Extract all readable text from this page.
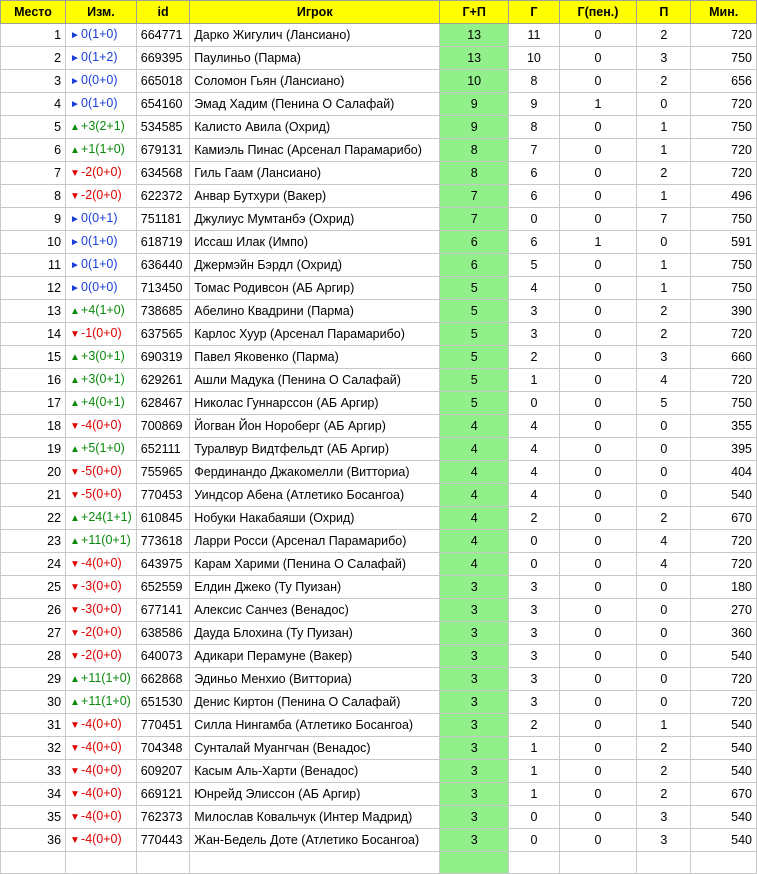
Место	Изм.	id	Игрок	Г+П	Г	Г(пен.)	П	Мин.
1	►0(1+0)	664771	Дарко Жигулич (Лансиано)	13	11	0	2	720
2	►0(1+2)	669395	Паулиньо (Парма)	13	10	0	3	750
3	►0(0+0)	665018	Соломон Гьян (Лансиано)	10	8	0	2	656
4	►0(1+0)	654160	Эмад Хадим (Пенина О Салафай)	9	9	1	0	720
5	▲+3(2+1)	534585	Калисто Авила (Охрид)	9	8	0	1	750
6	▲+1(1+0)	679131	Камиэль Пинас (Арсенал Парамарибо)	8	7	0	1	720
7	▼-2(0+0)	634568	Гиль Гаам (Лансиано)	8	6	0	2	720
8	▼-2(0+0)	622372	Анвар Бутхури (Вакер)	7	6	0	1	496
9	►0(0+1)	751181	Джулиус Мумтанбэ (Охрид)	7	0	0	7	750
10	►0(1+0)	618719	Иссаш Илак (Импо)	6	6	1	0	591
11	►0(1+0)	636440	Джермэйн Бэрдл (Охрид)	6	5	0	1	750
12	►0(0+0)	713450	Томас Родивсон (АБ Аргир)	5	4	0	1	750
13	▲+4(1+0)	738685	Абелино Квадрини (Парма)	5	3	0	2	390
14	▼-1(0+0)	637565	Карлос Хуур (Арсенал Парамарибо)	5	3	0	2	720
15	▲+3(0+1)	690319	Павел Яковенко (Парма)	5	2	0	3	660
16	▲+3(0+1)	629261	Ашли Мадука (Пенина О Салафай)	5	1	0	4	720
17	▲+4(0+1)	628467	Николас Гуннарссон (АБ Аргир)	5	0	0	5	750
18	▼-4(0+0)	700869	Йогван Йон Нороберг (АБ Аргир)	4	4	0	0	355
19	▲+5(1+0)	652111	Туралвур Видтфельдт (АБ Аргир)	4	4	0	0	395
20	▼-5(0+0)	755965	Фердинандо Джакомелли (Витториа)	4	4	0	0	404
21	▼-5(0+0)	770453	Уиндсор Абена (Атлетико Босангоа)	4	4	0	0	540
22	▲+24(1+1)	610845	Нобуки Накабаяши (Охрид)	4	2	0	2	670
23	▲+11(0+1)	773618	Ларри Росси (Арсенал Парамарибо)	4	0	0	4	720
24	▼-4(0+0)	643975	Карам Харими (Пенина О Салафай)	4	0	0	4	720
25	▼-3(0+0)	652559	Елдин Джеко (Ту Пуизан)	3	3	0	0	180
26	▼-3(0+0)	677141	Алексис Санчез (Венадос)	3	3	0	0	270
27	▼-2(0+0)	638586	Дауда Блохина (Ту Пуизан)	3	3	0	0	360
28	▼-2(0+0)	640073	Адикари Перамуне (Вакер)	3	3	0	0	540
29	▲+11(1+0)	662868	Эдиньо Менхио (Витториа)	3	3	0	0	720
30	▲+11(1+0)	651530	Денис Киртон (Пенина О Салафай)	3	3	0	0	720
31	▼-4(0+0)	770451	Силла Нингамба (Атлетико Босангоа)	3	2	0	1	540
32	▼-4(0+0)	704348	Сунталай Муангчан (Венадос)	3	1	0	2	540
33	▼-4(0+0)	609207	Касым Аль-Харти (Венадос)	3	1	0	2	540
34	▼-4(0+0)	669121	Юнрейд Элиссон (АБ Аргир)	3	1	0	2	670
35	▼-4(0+0)	762373	Милослав Ковальчук (Интер Мадрид)	3	0	0	3	540
36	▼-4(0+0)	770443	Жан-Бедель Доте (Атлетико Босангоа)	3	0	0	3	540
